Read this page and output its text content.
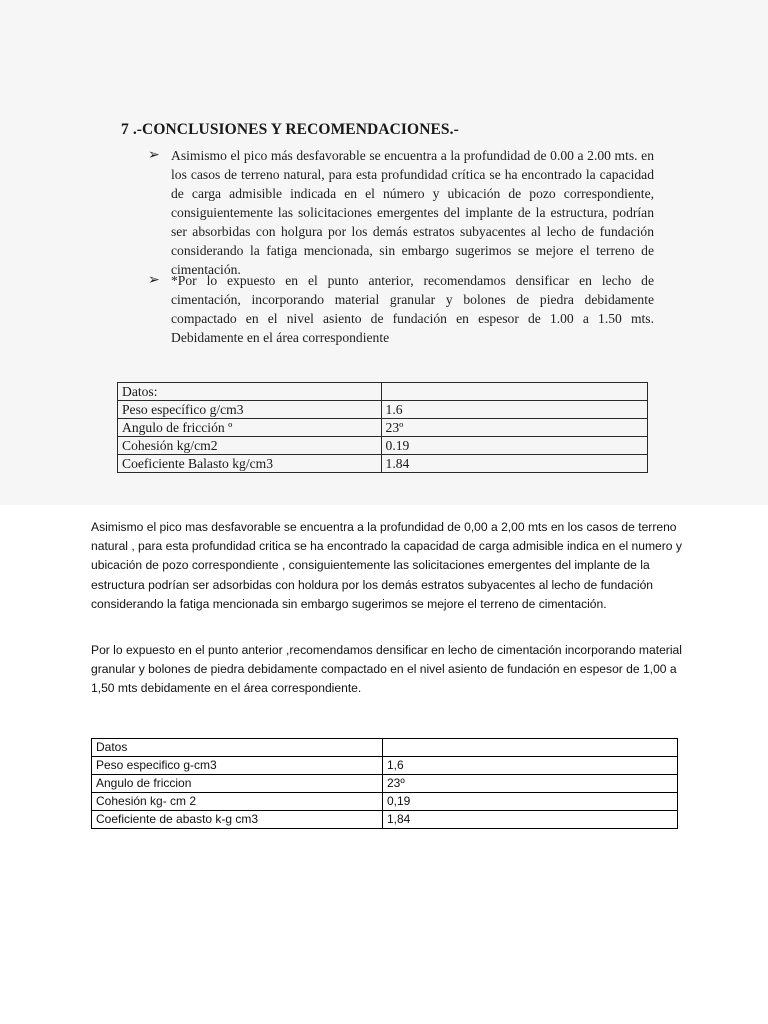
7 .-CONCLUSIONES Y RECOMENDACIONES.-
➢ Asimismo el pico más desfavorable se encuentra a la profundidad de 0.00 a 2.00 mts. en los casos de terreno natural, para esta profundidad crítica se ha encontrado la capacidad de carga admisible indicada en el número y ubicación de pozo correspondiente, consiguientemente las solicitaciones emergentes del implante de la estructura, podrían ser absorbidas con holgura por los demás estratos subyacentes al lecho de fundación considerando la fatiga mencionada, sin embargo sugerimos se mejore el terreno de cimentación.
➢ *Por lo expuesto en el punto anterior, recomendamos densificar en lecho de cimentación, incorporando material granular y bolones de piedra debidamente compactado en el nivel asiento de fundación en espesor de 1.00 a 1.50 mts. Debidamente en el área correspondiente
Datos:	
Peso específico g/cm3	1.6
Angulo de fricción º	23º
Cohesión kg/cm2	0.19
Coeficiente Balasto kg/cm3	1.84

Asimismo el pico mas desfavorable se encuentra a la profundidad de 0,00 a 2,00 mts en los casos de terreno natural , para esta profundidad critica se ha encontrado la capacidad de carga admisible indica en el numero y ubicación de pozo correspondiente , consiguientemente las solicitaciones emergentes del implante de la estructura podrían ser adsorbidas con holdura por los demás estratos subyacentes al lecho de fundación considerando la fatiga mencionada sin embargo sugerimos se mejore el terreno de cimentación.

Por lo expuesto en el punto anterior ,recomendamos densificar en lecho de cimentación incorporando material granular y bolones de piedra debidamente compactado en el nivel asiento de fundación en espesor de 1,00 a 1,50 mts debidamente en el área correspondiente.

Datos	
Peso especifico g-cm3	1,6
Angulo de friccion	23º
Cohesión kg- cm 2	0,19
Coeficiente de abasto k-g cm3	1,84
